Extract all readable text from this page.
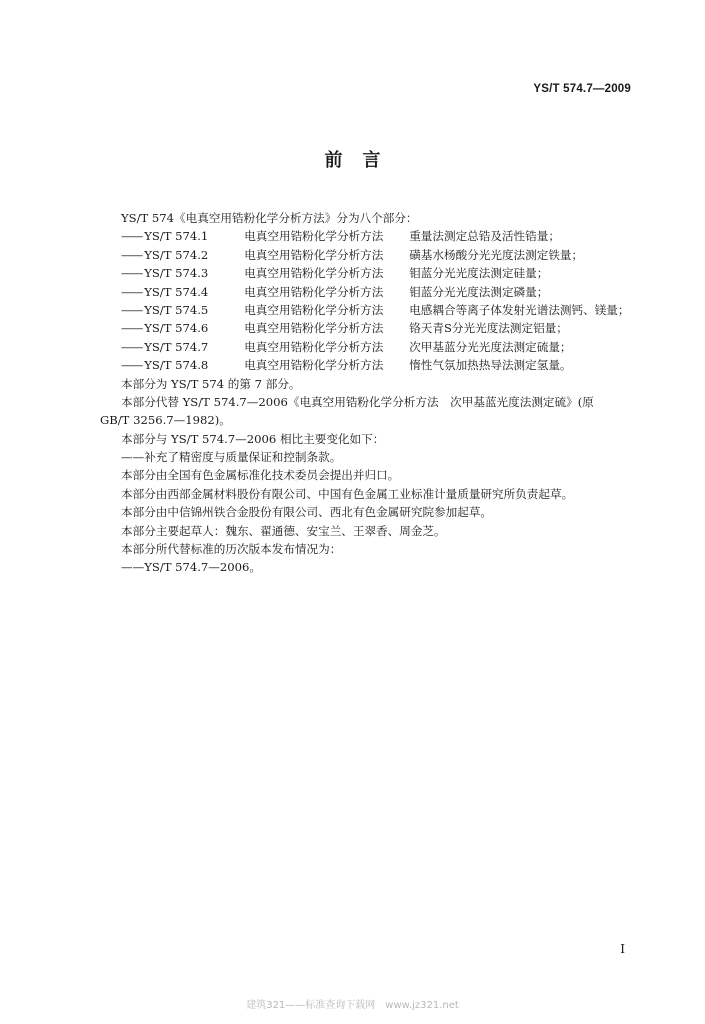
YS/T 574.7—2009
前言
YS/T 574《电真空用锆粉化学分析方法》分为八个部分：
—— YS/T 574.1	电真空用锆粉化学分析方法	重量法测定总锆及活性锆量；
—— YS/T 574.2	电真空用锆粉化学分析方法	磺基水杨酸分光光度法测定铁量；
—— YS/T 574.3	电真空用锆粉化学分析方法	钼蓝分光光度法测定硅量；
—— YS/T 574.4	电真空用锆粉化学分析方法	钼蓝分光光度法测定磷量；
—— YS/T 574.5	电真空用锆粉化学分析方法	电感耦合等离子体发射光谱法测钙、镁量；
—— YS/T 574.6	电真空用锆粉化学分析方法	铬天青S分光光度法测定铝量；
—— YS/T 574.7	电真空用锆粉化学分析方法	次甲基蓝分光光度法测定硫量；
—— YS/T 574.8	电真空用锆粉化学分析方法	惰性气氛加热热导法测定氢量。
本部分为 YS/T 574 的第 7 部分。
本部分代替 YS/T 574.7—2006《电真空用锆粉化学分析方法　次甲基蓝光度法测定硫》(原
GB/T 3256.7—1982)。
本部分与 YS/T 574.7—2006 相比主要变化如下：
——补充了精密度与质量保证和控制条款。
本部分由全国有色金属标准化技术委员会提出并归口。
本部分由西部金属材料股份有限公司、中国有色金属工业标准计量质量研究所负责起草。
本部分由中信锦州铁合金股份有限公司、西北有色金属研究院参加起草。
本部分主要起草人：魏东、翟通德、安宝兰、王翠香、周金芝。
本部分所代替标准的历次版本发布情况为：
——YS/T 574.7—2006。
I
建筑321——标准查询下载网　www.jz321.net
